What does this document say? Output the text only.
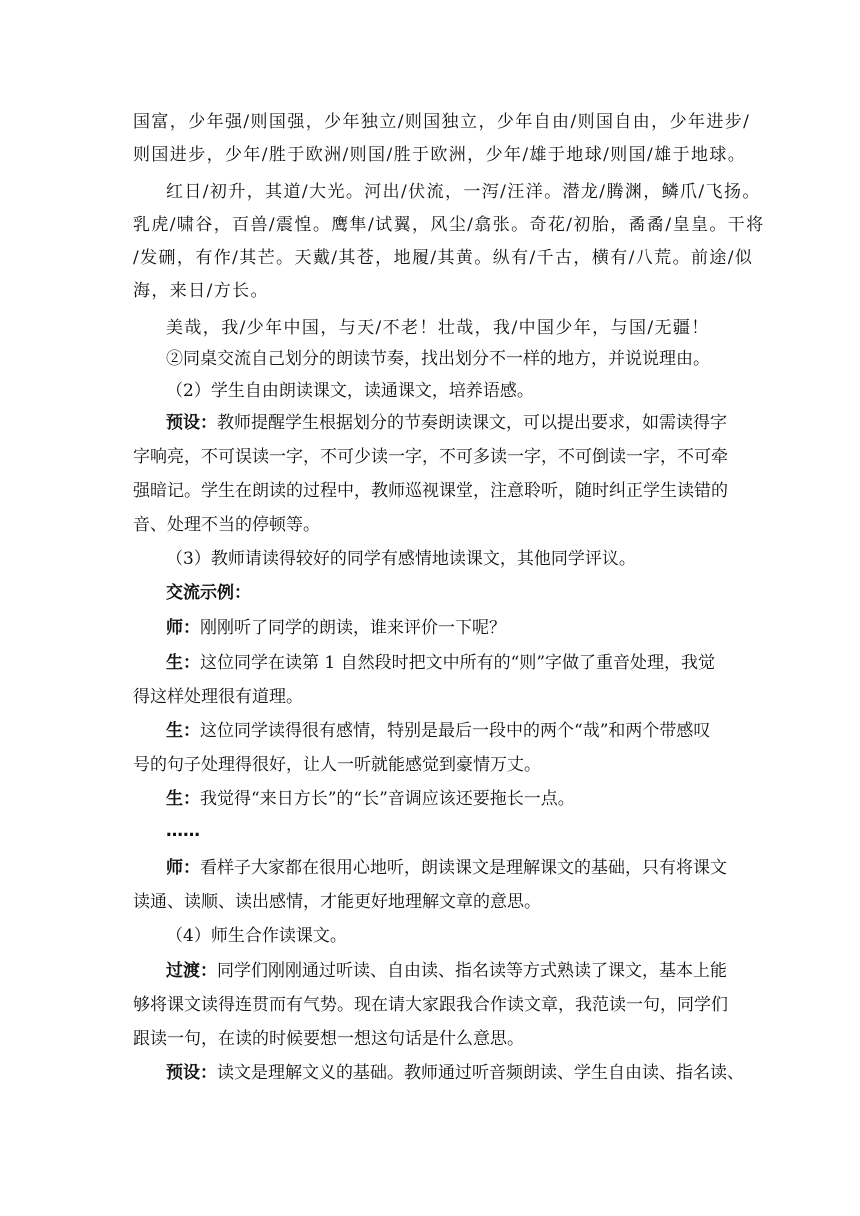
国富，少年强/则国强，少年独立/则国独立，少年自由/则国自由，少年进步/
则国进步，少年/胜于欧洲/则国/胜于欧洲，少年/雄于地球/则国/雄于地球。
红日/初升，其道/大光。河出/伏流，一泻/汪洋。潜龙/腾渊，鳞爪/飞扬。
乳虎/啸谷，百兽/震惶。鹰隼/试翼，风尘/翕张。奇花/初胎，矞矞/皇皇。干将
/发硎，有作/其芒。天戴/其苍，地履/其黄。纵有/千古，横有/八荒。前途/似
海，来日/方长。
美哉，我/少年中国，与天/不老！壮哉，我/中国少年，与国/无疆！
②同桌交流自己划分的朗读节奏，找出划分不一样的地方，并说说理由。
（2）学生自由朗读课文，读通课文，培养语感。
预设：教师提醒学生根据划分的节奏朗读课文，可以提出要求，如需读得字
字响亮，不可误读一字，不可少读一字，不可多读一字，不可倒读一字，不可牵
强暗记。学生在朗读的过程中，教师巡视课堂，注意聆听，随时纠正学生读错的
音、处理不当的停顿等。
（3）教师请读得较好的同学有感情地读课文，其他同学评议。
交流示例：
师：刚刚听了同学的朗读，谁来评价一下呢？
生：这位同学在读第 1 自然段时把文中所有的“则”字做了重音处理，我觉
得这样处理很有道理。
生：这位同学读得很有感情，特别是最后一段中的两个“哉”和两个带感叹
号的句子处理得很好，让人一听就能感觉到豪情万丈。
生：我觉得“来日方长”的“长”音调应该还要拖长一点。
……
师：看样子大家都在很用心地听，朗读课文是理解课文的基础，只有将课文
读通、读顺、读出感情，才能更好地理解文章的意思。
（4）师生合作读课文。
过渡：同学们刚刚通过听读、自由读、指名读等方式熟读了课文，基本上能
够将课文读得连贯而有气势。现在请大家跟我合作读文章，我范读一句，同学们
跟读一句，在读的时候要想一想这句话是什么意思。
预设：读文是理解文义的基础。教师通过听音频朗读、学生自由读、指名读、
